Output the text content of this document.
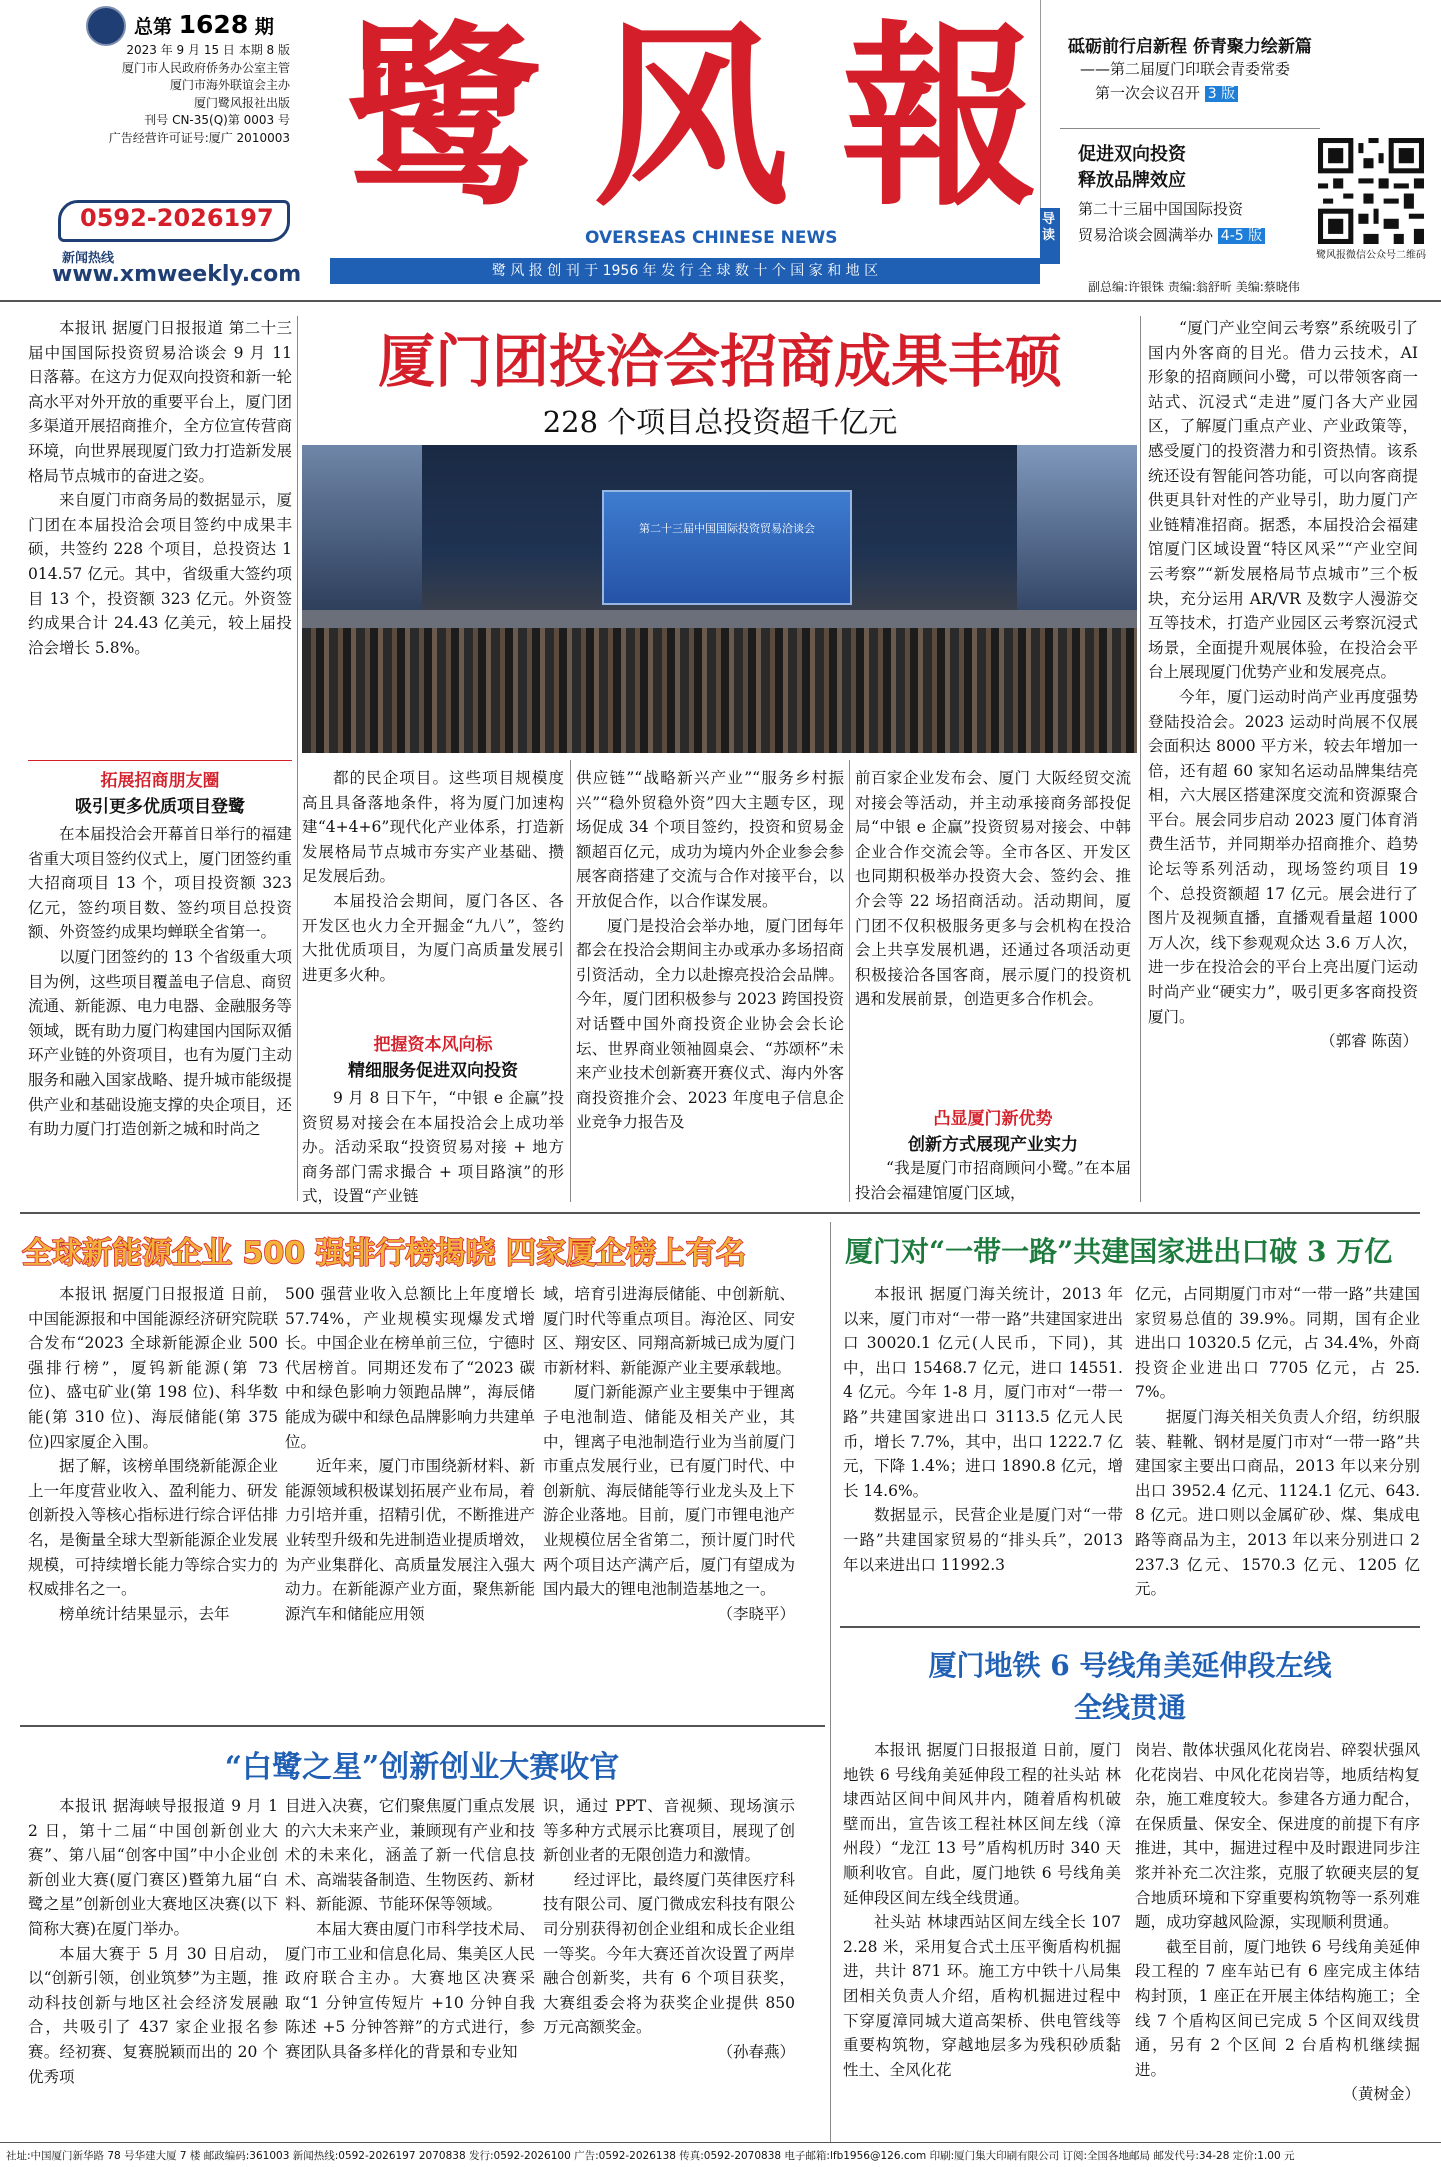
总第 1628 期
2023 年 9 月 15 日 本期 8 版
厦门市人民政府侨务办公室主管
厦门市海外联谊会主办
厦门鹭风报社出版
刊号 CN-35(Q)第 0003 号
广告经营许可证号:厦广 2010003
0592-2026197
新闻热线
www.xmweekly.com
鹭 风 報
OVERSEAS CHINESE NEWS
鹭 风 报 创 刊 于 1956 年 发 行 全 球 数 十 个 国 家 和 地 区
副总编:许银铢 责编:翁舒昕 美编:蔡晓伟
砥砺前行启新程 侨青聚力绘新篇
——第二届厦门印联会青委常委
第一次会议召开 3 版
导读
促进双向投资
释放品牌效应
第二十三届中国国际投资
贸易洽谈会圆满举办 4-5 版
鹭风报微信公众号二维码
厦门团投洽会招商成果丰硕
228 个项目总投资超千亿元
第二十三届中国国际投资贸易洽谈会

本报讯 据厦门日报报道 第二十三届中国国际投资贸易洽谈会 9 月 11 日落幕。在这方力促双向投资和新一轮高水平对外开放的重要平台上，厦门团多渠道开展招商推介，全方位宣传营商环境，向世界展现厦门致力打造新发展格局节点城市的奋进之姿。

来自厦门市商务局的数据显示，厦门团在本届投洽会项目签约中成果丰硕，共签约 228 个项目，总投资达 1014.57 亿元。其中，省级重大签约项目 13 个，投资额 323 亿元。外资签约成果合计 24.43 亿美元，较上届投洽会增长 5.8%。

拓展招商朋友圈
吸引更多优质项目登鹭

在本届投洽会开幕首日举行的福建省重大项目签约仪式上，厦门团签约重大招商项目 13 个，项目投资额 323 亿元，签约项目数、签约项目总投资额、外资签约成果均蝉联全省第一。

以厦门团签约的 13 个省级重大项目为例，这些项目覆盖电子信息、商贸流通、新能源、电力电器、金融服务等领域，既有助力厦门构建国内国际双循环产业链的外资项目，也有为厦门主动服务和融入国家战略、提升城市能级提供产业和基础设施支撑的央企项目，还有助力厦门打造创新之城和时尚之

都的民企项目。这些项目规模度高且具备落地条件，将为厦门加速构建“4+4+6”现代化产业体系，打造新发展格局节点城市夯实产业基础、攒足发展后劲。

本届投洽会期间，厦门各区、各开发区也火力全开掘金“九八”，签约大批优质项目，为厦门高质量发展引进更多火种。

把握资本风向标
精细服务促进双向投资

9 月 8 日下午，“中银 e 企赢”投资贸易对接会在本届投洽会上成功举办。活动采取“投资贸易对接 + 地方商务部门需求撮合 + 项目路演”的形式，设置“产业链

供应链”“战略新兴产业”“服务乡村振兴”“稳外贸稳外资”四大主题专区，现场促成 34 个项目签约，投资和贸易金额超百亿元，成功为境内外企业参会参展客商搭建了交流与合作对接平台，以开放促合作，以合作谋发展。

厦门是投洽会举办地，厦门团每年都会在投洽会期间主办或承办多场招商引资活动，全力以赴擦亮投洽会品牌。今年，厦门团积极参与 2023 跨国投资对话暨中国外商投资企业协会会长论坛、世界商业领袖圆桌会、“苏颂杯”未来产业技术创新赛开赛仪式、海内外客商投资推介会、2023 年度电子信息企业竞争力报告及

前百家企业发布会、厦门 大阪经贸交流对接会等活动，并主动承接商务部投促局“中银 e 企赢”投资贸易对接会、中韩企业合作交流会等。全市各区、开发区也同期积极举办投资大会、签约会、推介会等 22 场招商活动。活动期间，厦门团不仅积极服务更多与会机构在投洽会上共享发展机遇，还通过各项活动更积极接洽各国客商，展示厦门的投资机遇和发展前景，创造更多合作机会。

凸显厦门新优势
创新方式展现产业实力

“我是厦门市招商顾问小鹭。”在本届投洽会福建馆厦门区域，

“厦门产业空间云考察”系统吸引了国内外客商的目光。借力云技术，AI 形象的招商顾问小鹭，可以带领客商一站式、沉浸式“走进”厦门各大产业园区，了解厦门重点产业、产业政策等，感受厦门的投资潜力和引资热情。该系统还设有智能问答功能，可以向客商提供更具针对性的产业导引，助力厦门产业链精准招商。据悉，本届投洽会福建馆厦门区域设置“特区风采”“产业空间云考察”“新发展格局节点城市”三个板块，充分运用 AR/VR 及数字人漫游交互等技术，打造产业园区云考察沉浸式场景，全面提升观展体验，在投洽会平台上展现厦门优势产业和发展亮点。

今年，厦门运动时尚产业再度强势登陆投洽会。2023 运动时尚展不仅展会面积达 8000 平方米，较去年增加一倍，还有超 60 家知名运动品牌集结亮相，六大展区搭建深度交流和资源聚合平台。展会同步启动 2023 厦门体育消费生活节，并同期举办招商推介、趋势论坛等系列活动，现场签约项目 19 个、总投资额超 17 亿元。展会进行了图片及视频直播，直播观看量超 1000 万人次，线下参观观众达 3.6 万人次，进一步在投洽会的平台上亮出厦门运动时尚产业“硬实力”，吸引更多客商投资厦门。

（郭睿 陈茵）
全球新能源企业 500 强排行榜揭晓 四家厦企榜上有名

本报讯 据厦门日报报道 日前，中国能源报和中国能源经济研究院联合发布“2023 全球新能源企业 500 强排行榜”，厦钨新能源(第 73 位)、盛屯矿业(第 198 位)、科华数能(第 310 位)、海辰储能(第 375 位)四家厦企入围。

据了解，该榜单围绕新能源企业上一年度营业收入、盈利能力、研发创新投入等核心指标进行综合评估排名，是衡量全球大型新能源企业发展规模，可持续增长能力等综合实力的权威排名之一。

榜单统计结果显示，去年

500 强营业收入总额比上年度增长 57.74%，产业规模实现爆发式增长。中国企业在榜单前三位，宁德时代居榜首。同期还发布了“2023 碳中和绿色影响力领跑品牌”，海辰储能成为碳中和绿色品牌影响力共建单位。

近年来，厦门市围绕新材料、新能源领域积极谋划拓展产业布局，着力引培并重，招精引优，不断推进产业转型升级和先进制造业提质增效，为产业集群化、高质量发展注入强大动力。在新能源产业方面，聚焦新能源汽车和储能应用领

域，培育引进海辰储能、中创新航、厦门时代等重点项目。海沧区、同安区、翔安区、同翔高新城已成为厦门市新材料、新能源产业主要承载地。

厦门新能源产业主要集中于锂离子电池制造、储能及相关产业，其中，锂离子电池制造行业为当前厦门市重点发展行业，已有厦门时代、中创新航、海辰储能等行业龙头及上下游企业落地。目前，厦门市锂电池产业规模位居全省第二，预计厦门时代两个项目达产满产后，厦门有望成为国内最大的锂电池制造基地之一。

（李晓平）
厦门对“一带一路”共建国家进出口破 3 万亿

本报讯 据厦门海关统计，2013 年以来，厦门市对“一带一路”共建国家进出口 30020.1 亿元(人民币，下同)，其中，出口 15468.7 亿元，进口 14551.4 亿元。今年 1-8 月，厦门市对“一带一路”共建国家进出口 3113.5 亿元人民币，增长 7.7%，其中，出口 1222.7 亿元，下降 1.4%；进口 1890.8 亿元，增长 14.6%。

数据显示，民营企业是厦门对“一带一路”共建国家贸易的“排头兵”，2013 年以来进出口 11992.3

亿元，占同期厦门市对“一带一路”共建国家贸易总值的 39.9%。同期，国有企业进出口 10320.5 亿元，占 34.4%，外商投资企业进出口 7705 亿元，占 25.7%。

据厦门海关相关负责人介绍，纺织服装、鞋靴、钢材是厦门市对“一带一路”共建国家主要出口商品，2013 年以来分别出口 3952.4 亿元、1124.1 亿元、643.8 亿元。进口则以金属矿砂、煤、集成电路等商品为主，2013 年以来分别进口 2237.3 亿元、1570.3 亿元、1205 亿元。

厦门地铁 6 号线角美延伸段左线
全线贯通

本报讯 据厦门日报报道 日前，厦门地铁 6 号线角美延伸段工程的社头站 林埭西站区间中间风井内，随着盾构机破壁而出，宣告该工程社林区间左线（漳州段）“龙江 13 号”盾构机历时 340 天顺利收官。自此，厦门地铁 6 号线角美延伸段区间左线全线贯通。

社头站 林埭西站区间左线全长 1072.28 米，采用复合式土压平衡盾构机掘进，共计 871 环。施工方中铁十八局集团相关负责人介绍，盾构机掘进过程中下穿厦漳同城大道高架桥、供电管线等重要构筑物，穿越地层多为残积砂质黏性土、全风化花

岗岩、散体状强风化花岗岩、碎裂状强风化花岗岩、中风化花岗岩等，地质结构复杂，施工难度较大。参建各方通力配合，在保质量、保安全、保进度的前提下有序推进，其中，掘进过程中及时跟进同步注浆并补充二次注浆，克服了软硬夹层的复合地质环境和下穿重要构筑物等一系列难题，成功穿越风险源，实现顺利贯通。

截至目前，厦门地铁 6 号线角美延伸段工程的 7 座车站已有 6 座完成主体结构封顶，1 座正在开展主体结构施工；全线 7 个盾构区间已完成 5 个区间双线贯通，另有 2 个区间 2 台盾构机继续掘进。

（黄树金）
“白鹭之星”创新创业大赛收官

本报讯 据海峡导报报道 9 月 12 日，第十二届“中国创新创业大赛”、第八届“创客中国”中小企业创新创业大赛(厦门赛区)暨第九届“白鹭之星”创新创业大赛地区决赛(以下简称大赛)在厦门举办。

本届大赛于 5 月 30 日启动，以“创新引领，创业筑梦”为主题，推动科技创新与地区社会经济发展融合，共吸引了 437 家企业报名参赛。经初赛、复赛脱颖而出的 20 个优秀项

目进入决赛，它们聚焦厦门重点发展的六大未来产业，兼顾现有产业和技术的未来化，涵盖了新一代信息技术、高端装备制造、生物医药、新材料、新能源、节能环保等领域。

本届大赛由厦门市科学技术局、厦门市工业和信息化局、集美区人民政府联合主办。大赛地区决赛采取“1 分钟宣传短片 +10 分钟自我陈述 +5 分钟答辩”的方式进行，参赛团队具备多样化的背景和专业知

识，通过 PPT、音视频、现场演示等多种方式展示比赛项目，展现了创新创业者的无限创造力和激情。

经过评比，最终厦门英律医疗科技有限公司、厦门微成宏科技有限公司分别获得初创企业组和成长企业组一等奖。今年大赛还首次设置了两岸融合创新奖，共有 6 个项目获奖，大赛组委会将为获奖企业提供 850 万元高额奖金。

（孙春燕）
社址:中国厦门新华路 78 号华建大厦 7 楼 邮政编码:361003 新闻热线:0592-2026197 2070838 发行:0592-2026100 广告:0592-2026138 传真:0592-2070838 电子邮箱:lfb1956@126.com 印刷:厦门集大印刷有限公司 订阅:全国各地邮局 邮发代号:34-28 定价:1.00 元
